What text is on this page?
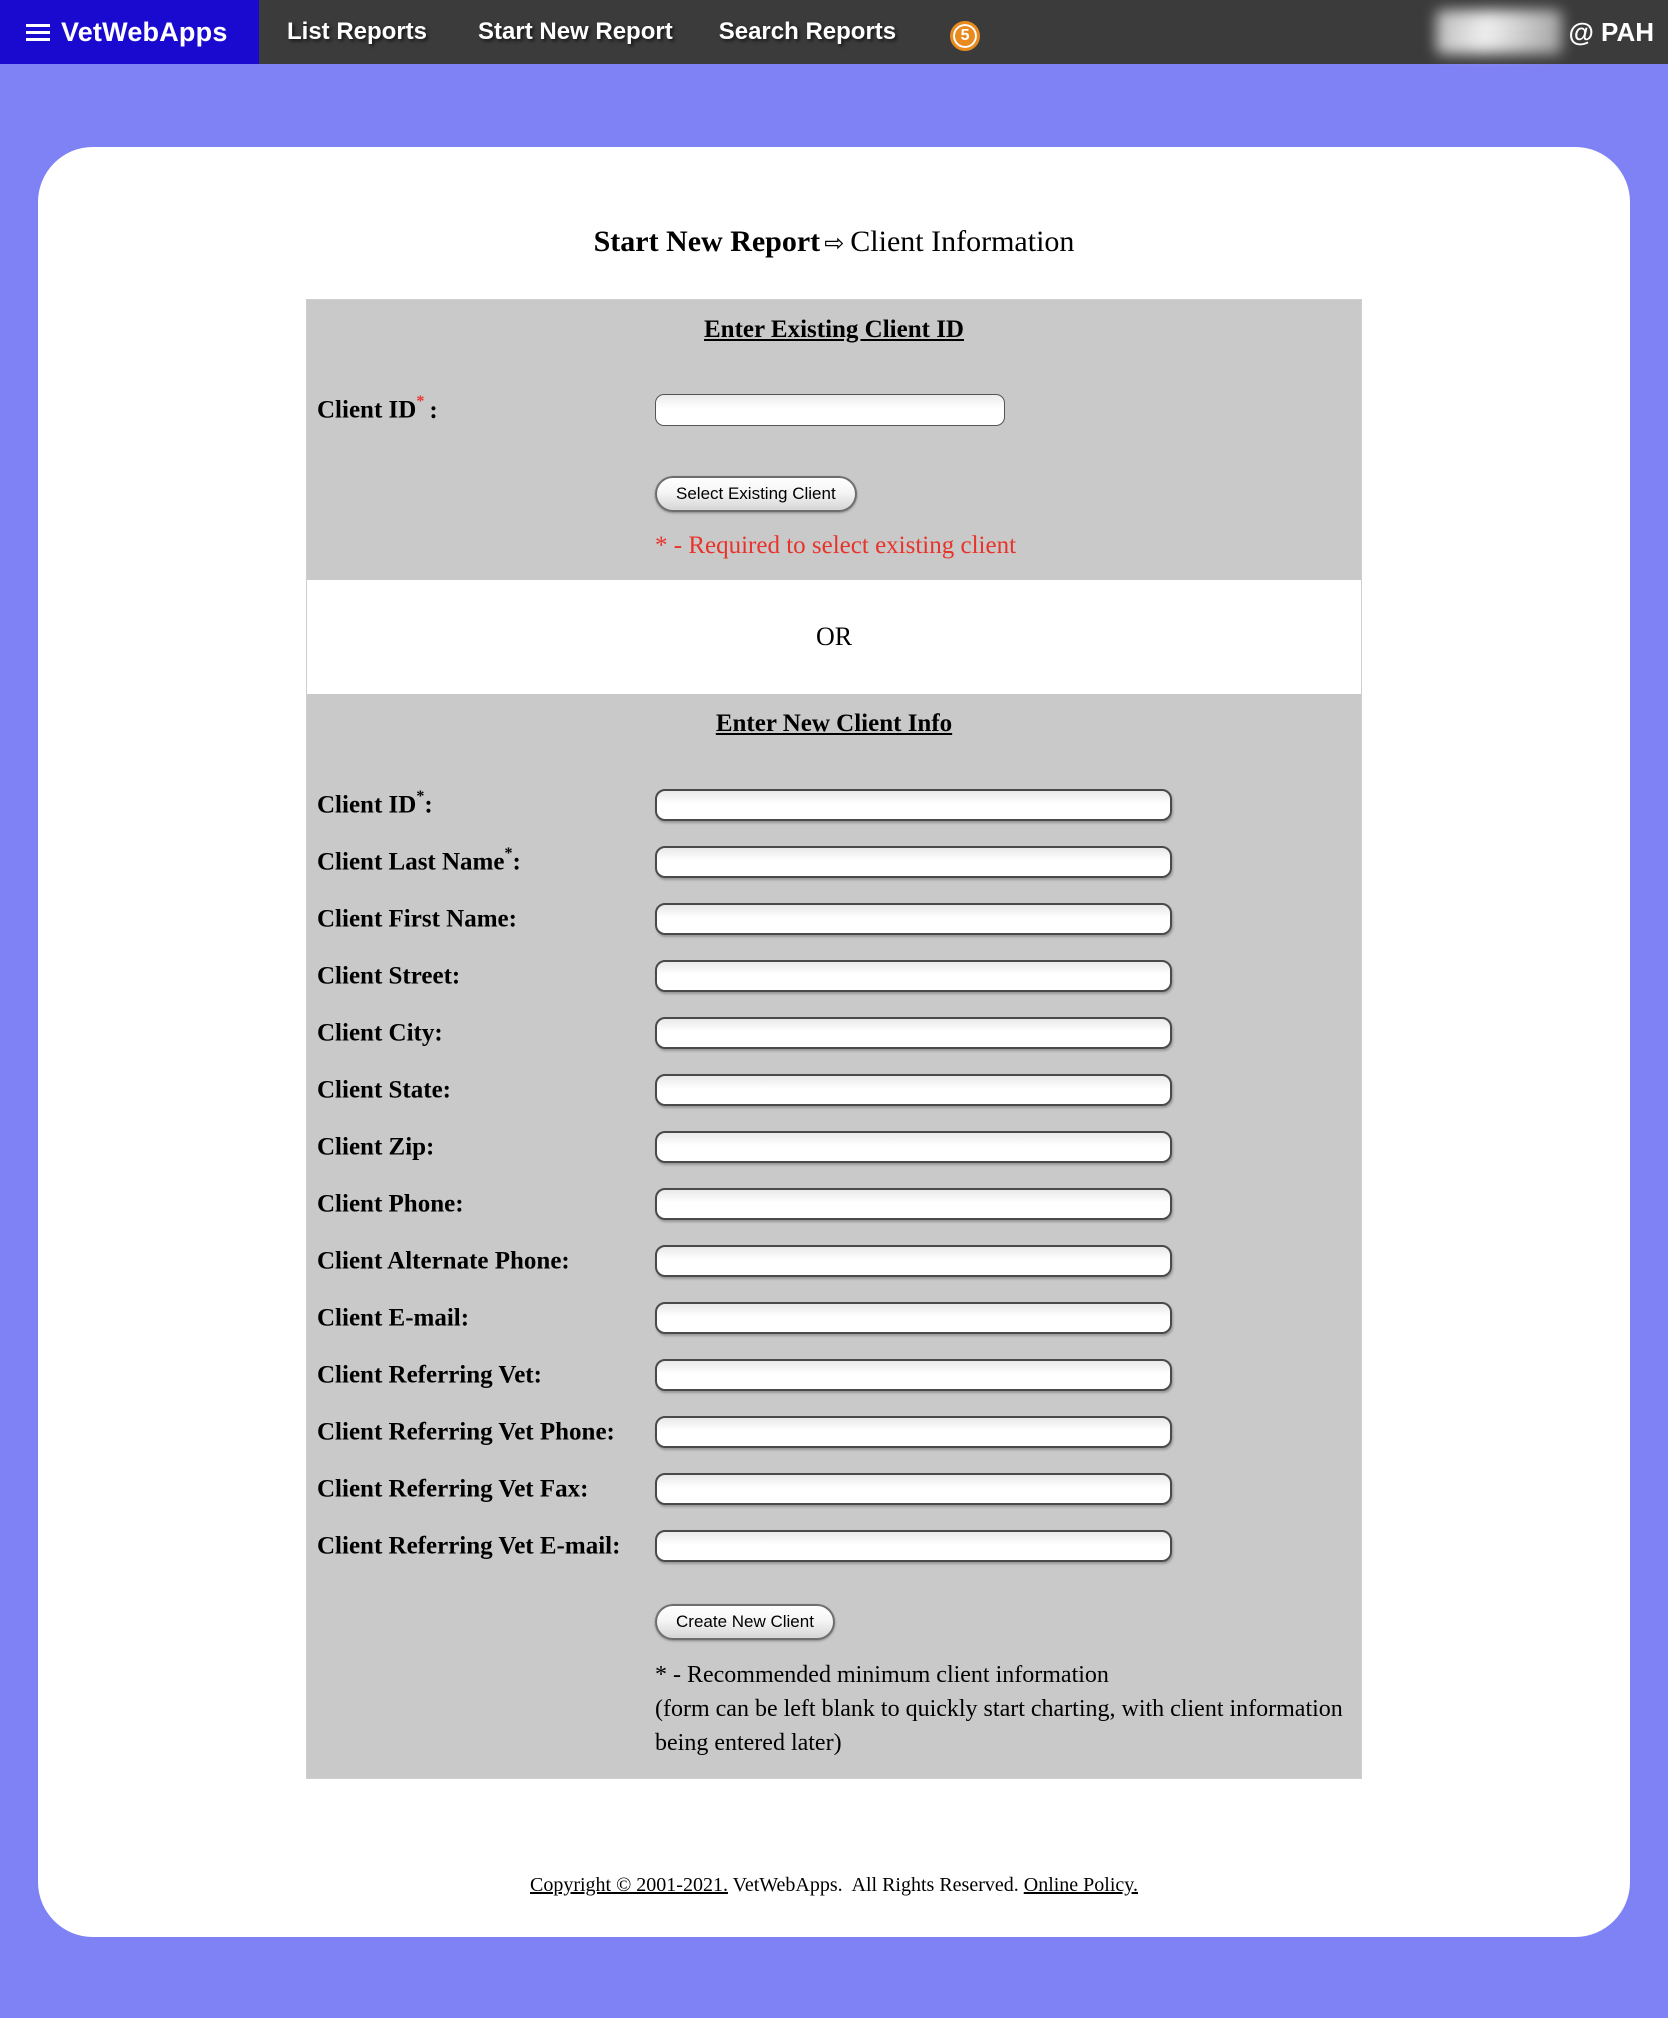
VetWebApps List Reports Start New Report Search Reports	5	@ PAH
Start New Report ⇨ Client Information
Enter Existing Client ID
Client ID* :
Select Existing Client
* - Required to select existing client
OR
Enter New Client Info
Client ID*:
Client Last Name*:
Client First Name:
Client Street:
Client City:
Client State:
Client Zip:
Client Phone:
Client Alternate Phone:
Client E-mail:
Client Referring Vet:
Client Referring Vet Phone:
Client Referring Vet Fax:
Client Referring Vet E-mail:
Create New Client
* - Recommended minimum client information
(form can be left blank to quickly start charting, with client information
being entered later)
Copyright © 2001-2021. VetWebApps.  All Rights Reserved. Online Policy.
